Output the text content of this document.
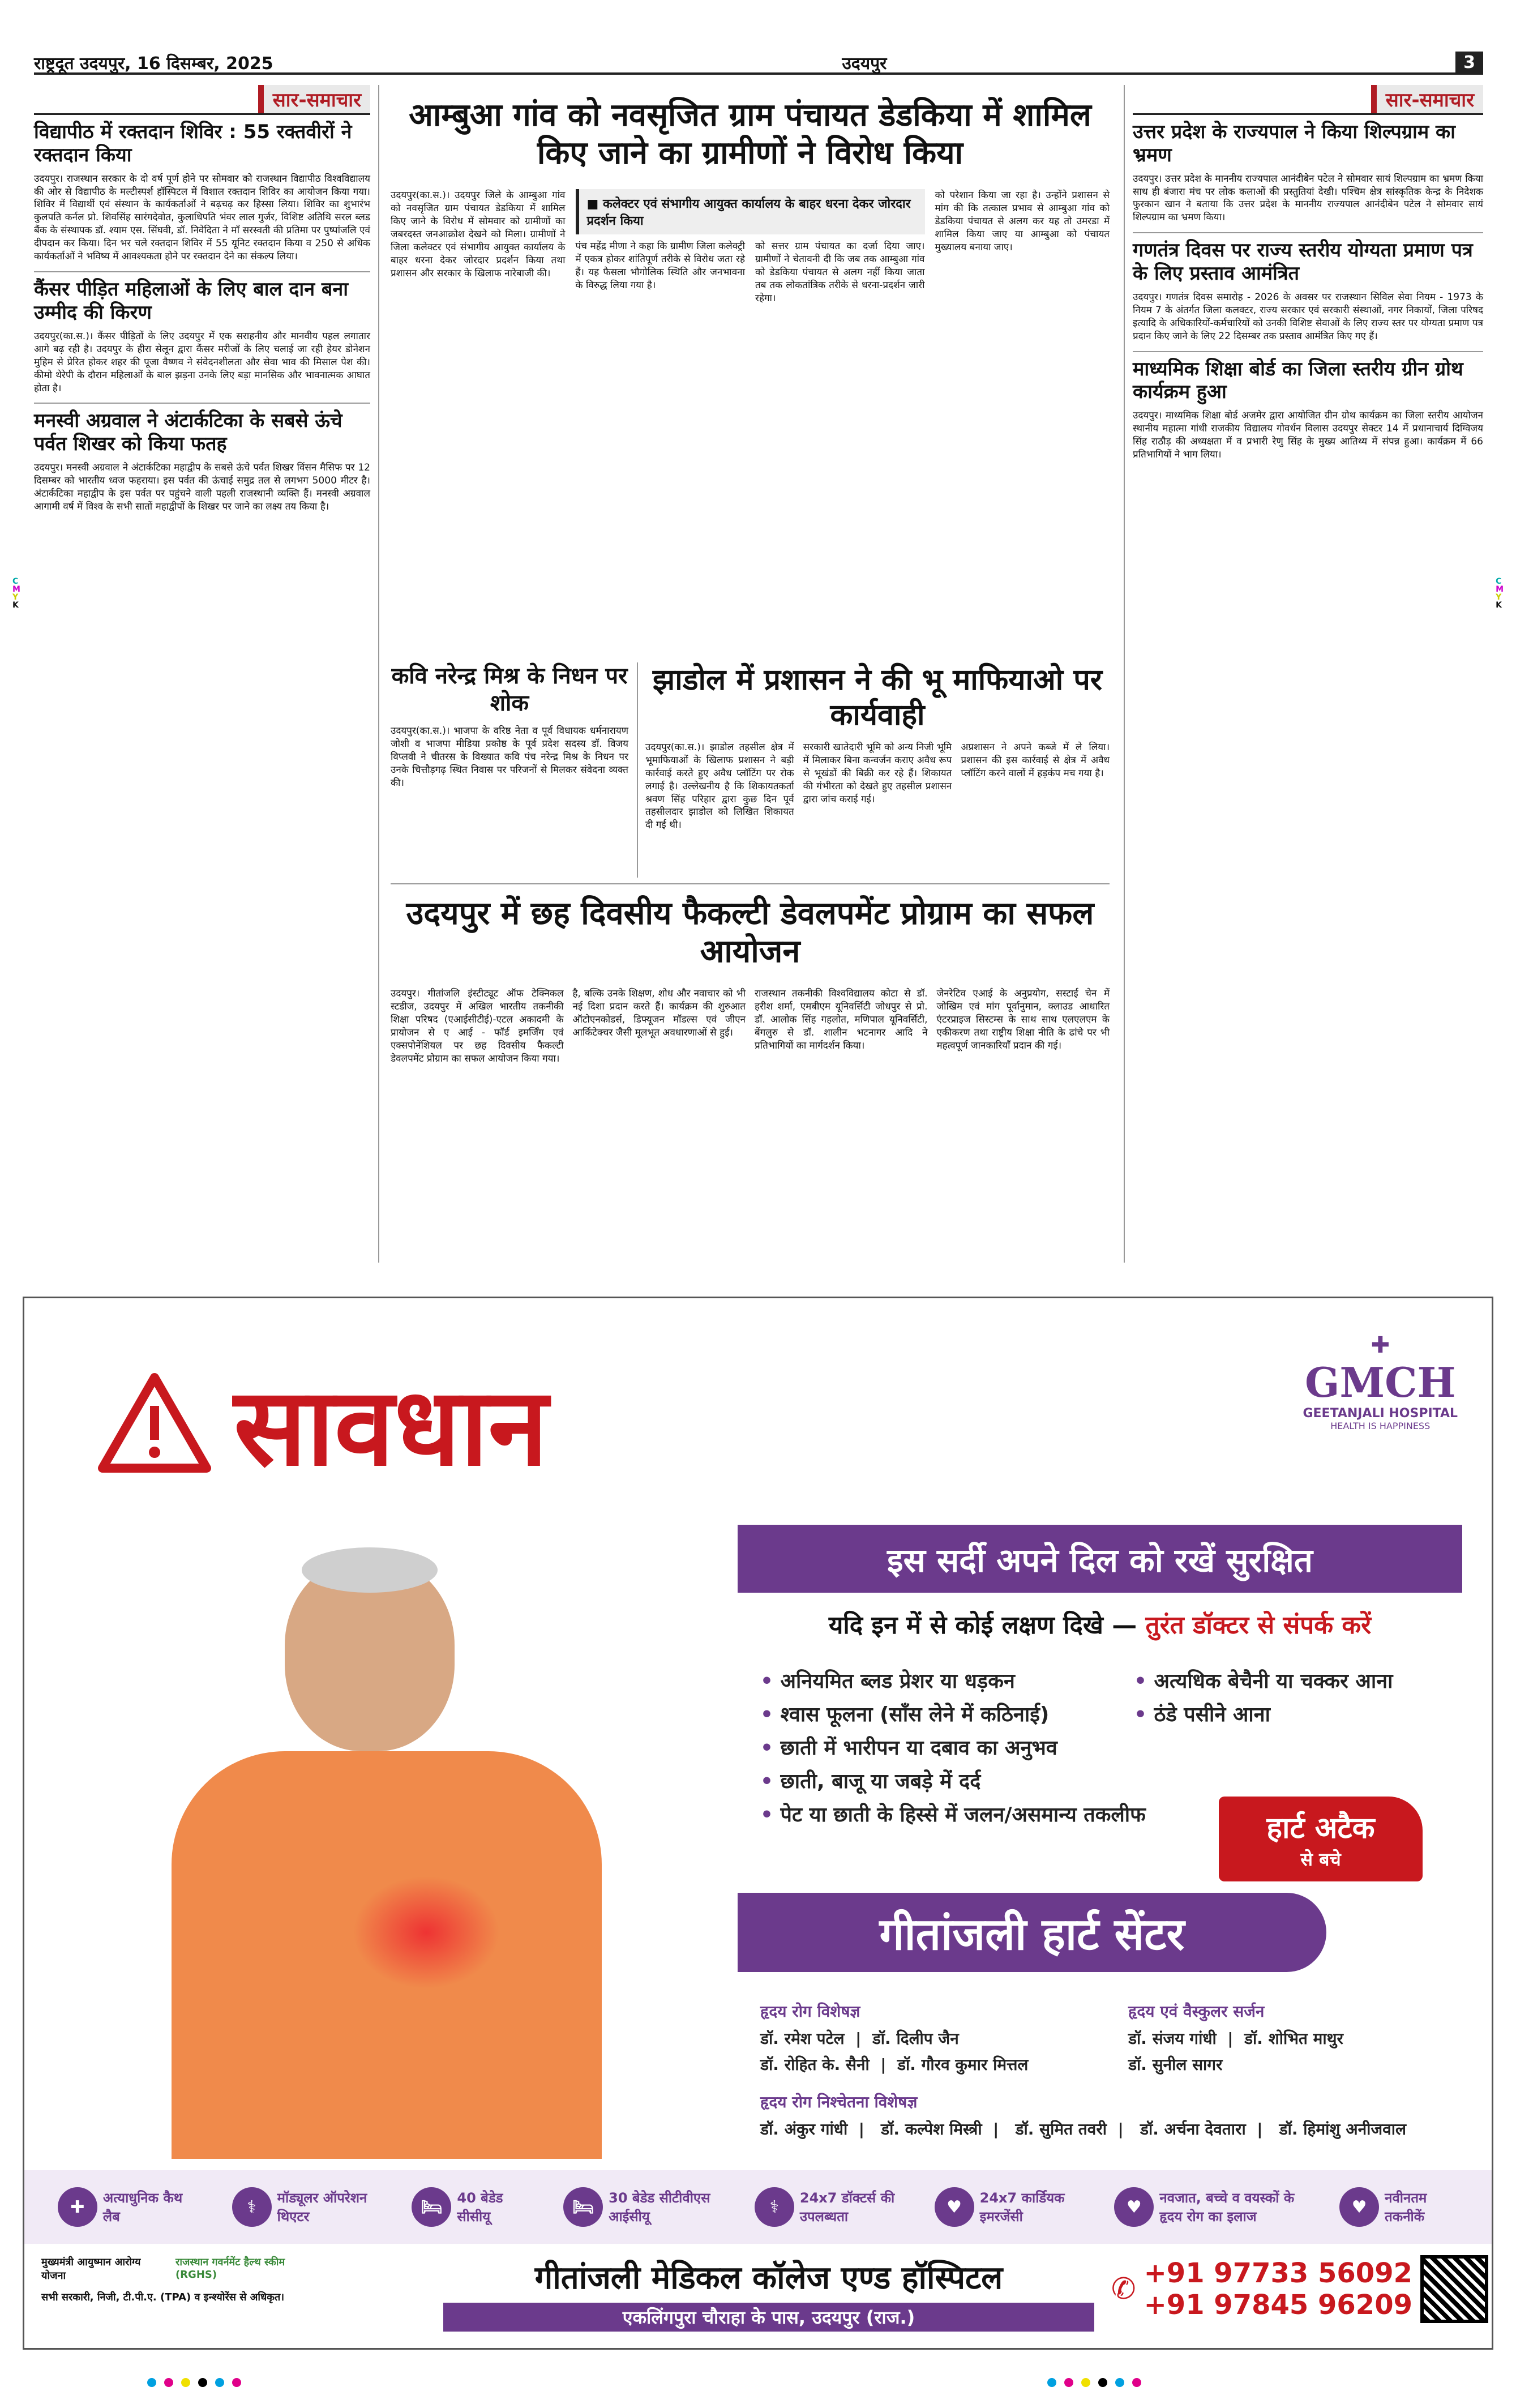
राष्ट्रदूत उदयपुर, 16 दिसम्बर, 2025	उदयपुर	3
C
M
Y
K
C
M
Y
K
सार-समाचार
विद्यापीठ में रक्तदान शिविर : 55 रक्तवीरों ने रक्तदान किया

उदयपुर। राजस्थान सरकार के दो वर्ष पूर्ण होने पर सोमवार को राजस्थान विद्यापीठ विश्वविद्यालय की ओर से विद्यापीठ के मल्टीस्पर्श हॉस्पिटल में विशाल रक्तदान शिविर का आयोजन किया गया। शिविर में विद्यार्थी एवं संस्थान के कार्यकर्ताओं ने बढ़चढ़ कर हिस्सा लिया। शिविर का शुभारंभ कुलपति कर्नल प्रो. शिवसिंह सारंगदेवोत, कुलाधिपति भंवर लाल गुर्जर, विशिष्ट अतिथि सरल ब्लड बैंक के संस्थापक डॉ. श्याम एस. सिंघवी, डॉ. निवेदिता ने माँ सरस्वती की प्रतिमा पर पुष्पांजलि एवं दीपदान कर किया। दिन भर चले रक्तदान शिविर में 55 यूनिट रक्तदान किया व 250 से अधिक कार्यकर्ताओं ने भविष्य में आवश्यकता होने पर रक्तदान देने का संकल्प लिया।

कैंसर पीड़ित महिलाओं के लिए बाल दान बना उम्मीद की किरण

उदयपुर(का.स.)। कैंसर पीड़ितों के लिए उदयपुर में एक सराहनीय और मानवीय पहल लगातार आगे बढ़ रही है। उदयपुर के हीरा सेलून द्वारा कैंसर मरीजों के लिए चलाई जा रही हेयर डोनेशन मुहिम से प्रेरित होकर शहर की पूजा वैष्णव ने संवेदनशीलता और सेवा भाव की मिसाल पेश की। कीमो थेरेपी के दौरान महिलाओं के बाल झड़ना उनके लिए बड़ा मानसिक और भावनात्मक आघात होता है।

मनस्वी अग्रवाल ने अंटार्कटिका के सबसे ऊंचे पर्वत शिखर को किया फतह

उदयपुर। मनस्वी अग्रवाल ने अंटार्कटिका महाद्वीप के सबसे ऊंचे पर्वत शिखर विंसन मैसिफ पर 12 दिसम्बर को भारतीय ध्वज फहराया। इस पर्वत की ऊंचाई समुद्र तल से लगभग 5000 मीटर है। अंटार्कटिका महाद्वीप के इस पर्वत पर पहुंचने वाली पहली राजस्थानी व्यक्ति हैं। मनस्वी अग्रवाल आगामी वर्ष में विश्व के सभी सातों महाद्वीपों के शिखर पर जाने का लक्ष्य तय किया है।

आम्बुआ गांव को नवसृजित ग्राम पंचायत डेडकिया में शामिल किए जाने का ग्रामीणों ने विरोध किया

उदयपुर(का.स.)। उदयपुर जिले के आम्बुआ गांव को नवसृजित ग्राम पंचायत डेडकिया में शामिल किए जाने के विरोध में सोमवार को ग्रामीणों का जबरदस्त जनआक्रोश देखने को मिला। ग्रामीणों ने जिला कलेक्टर एवं संभागीय आयुक्त कार्यालय के बाहर धरना देकर जोरदार प्रदर्शन किया तथा प्रशासन और सरकार के खिलाफ नारेबाजी की।

■ कलेक्टर एवं संभागीय आयुक्त कार्यालय के बाहर धरना देकर जोरदार प्रदर्शन किया

पंच महेंद्र मीणा ने कहा कि ग्रामीण जिला कलेक्ट्री में एकत्र होकर शांतिपूर्ण तरीके से विरोध जता रहे हैं। यह फैसला भौगोलिक स्थिति और जनभावना के विरुद्ध लिया गया है।

को सत्तर ग्राम पंचायत का दर्जा दिया जाए। ग्रामीणों ने चेतावनी दी कि जब तक आम्बुआ गांव को डेडकिया पंचायत से अलग नहीं किया जाता तब तक लोकतांत्रिक तरीके से धरना-प्रदर्शन जारी रहेगा।

को परेशान किया जा रहा है। उन्होंने प्रशासन से मांग की कि तत्काल प्रभाव से आम्बुआ गांव को डेडकिया पंचायत से अलग कर यह तो उमरडा में शामिल किया जाए या आम्बुआ को पंचायत मुख्यालय बनाया जाए।

कवि नरेन्द्र मिश्र के निधन पर शोक

उदयपुर(का.स.)। भाजपा के वरिष्ठ नेता व पूर्व विधायक धर्मनारायण जोशी व भाजपा मीडिया प्रकोष्ठ के पूर्व प्रदेश सदस्य डॉ. विजय विप्लवी ने चीतरस के विख्यात कवि पंच नरेन्द्र मिश्र के निधन पर उनके चित्तौड़गढ़ स्थित निवास पर परिजनों से मिलकर संवेदना व्यक्त की।

झाडोल में प्रशासन ने की भू माफियाओ पर कार्यवाही

उदयपुर(का.स.)। झाडोल तहसील क्षेत्र में भूमाफियाओं के खिलाफ प्रशासन ने बड़ी कार्रवाई करते हुए अवैध प्लॉटिंग पर रोक लगाई है। उल्लेखनीय है कि शिकायतकर्ता श्रवण सिंह परिहार द्वारा कुछ दिन पूर्व तहसीलदार झाडोल को लिखित शिकायत दी गई थी।

सरकारी खातेदारी भूमि को अन्य निजी भूमि में मिलाकर बिना कन्वर्जन कराए अवैध रूप से भूखंडों की बिक्री कर रहे हैं। शिकायत की गंभीरता को देखते हुए तहसील प्रशासन द्वारा जांच कराई गई।

अप्रशासन ने अपने कब्जे में ले लिया। प्रशासन की इस कार्रवाई से क्षेत्र में अवैध प्लॉटिंग करने वालों में हड़कंप मच गया है।

उदयपुर में छह दिवसीय फैकल्टी डेवलपमेंट प्रोग्राम का सफल आयोजन

उदयपुर। गीतांजलि इंस्टीट्यूट ऑफ टेक्निकल स्टडीज, उदयपुर में अखिल भारतीय तकनीकी शिक्षा परिषद (एआईसीटीई)-एटल अकादमी के प्रायोजन से ए आई - फॉर्ड इमर्जिंग एवं एक्सपोनेंशियल पर छह दिवसीय फैकल्टी डेवलपमेंट प्रोग्राम का सफल आयोजन किया गया।

है, बल्कि उनके शिक्षण, शोध और नवाचार को भी नई दिशा प्रदान करते हैं। कार्यक्रम की शुरुआत ऑटोएनकोडर्स, डिफ्यूजन मॉडल्स एवं जीएन आर्किटेक्चर जैसी मूलभूत अवधारणाओं से हुई।

राजस्थान तकनीकी विश्वविद्यालय कोटा से डॉ. हरीश शर्मा, एमबीएम यूनिवर्सिटी जोधपुर से प्रो. डॉ. आलोक सिंह गहलोत, मणिपाल यूनिवर्सिटी, बेंगलुरु से डॉ. शालीन भटनागर आदि ने प्रतिभागियों का मार्गदर्शन किया।

जेनरेटिव एआई के अनुप्रयोग, सस्टाई चेन में जोखिम एवं मांग पूर्वानुमान, क्लाउड आधारित एंटरप्राइज सिस्टम्स के साथ साथ एलएलएम के एकीकरण तथा राष्ट्रीय शिक्षा नीति के ढांचे पर भी महत्वपूर्ण जानकारियाँ प्रदान की गई।

सार-समाचार
उत्तर प्रदेश के राज्यपाल ने किया शिल्पग्राम का भ्रमण

उदयपुर। उत्तर प्रदेश के माननीय राज्यपाल आनंदीबेन पटेल ने सोमवार सायं शिल्पग्राम का भ्रमण किया साथ ही बंजारा मंच पर लोक कलाओं की प्रस्तुतियां देखी। पश्चिम क्षेत्र सांस्कृतिक केन्द्र के निदेशक फुरकान खान ने बताया कि उत्तर प्रदेश के माननीय राज्यपाल आनंदीबेन पटेल ने सोमवार सायं शिल्पग्राम का भ्रमण किया।

गणतंत्र दिवस पर राज्य स्तरीय योग्यता प्रमाण पत्र के लिए प्रस्ताव आमंत्रित

उदयपुर। गणतंत्र दिवस समारोह - 2026 के अवसर पर राजस्थान सिविल सेवा नियम - 1973 के नियम 7 के अंतर्गत जिला कलक्टर, राज्य सरकार एवं सरकारी संस्थाओं, नगर निकायों, जिला परिषद इत्यादि के अधिकारियों-कर्मचारियों को उनकी विशिष्ट सेवाओं के लिए राज्य स्तर पर योग्यता प्रमाण पत्र प्रदान किए जाने के लिए 22 दिसम्बर तक प्रस्ताव आमंत्रित किए गए हैं।

माध्यमिक शिक्षा बोर्ड का जिला स्तरीय ग्रीन ग्रोथ कार्यक्रम हुआ

उदयपुर। माध्यमिक शिक्षा बोर्ड अजमेर द्वारा आयोजित ग्रीन ग्रोथ कार्यक्रम का जिला स्तरीय आयोजन स्थानीय महात्मा गांधी राजकीय विद्यालय गोवर्धन विलास उदयपुर सेक्टर 14 में प्रधानाचार्य दिग्विजय सिंह राठौड़ की अध्यक्षता में व प्रभारी रेणु सिंह के मुख्य आतिथ्य में संपन्न हुआ। कार्यक्रम में 66 प्रतिभागियों ने भाग लिया।

सावधान
✚
GMCH
GEETANJALI HOSPITAL
HEALTH IS HAPPINESS
इस सर्दी अपने दिल को रखें सुरक्षित
यदि इन में से कोई लक्षण दिखे — तुरंत डॉक्टर से संपर्क करें
• अनियमित ब्लड प्रेशर या धड़कन
• श्वास फूलना (साँस लेने में कठिनाई)
• छाती में भारीपन या दबाव का अनुभव
• छाती, बाजू या जबड़े में दर्द
• पेट या छाती के हिस्से में जलन/असमान्य तकलीफ
• अत्यधिक बेचैनी या चक्कर आना
• ठंडे पसीने आना
हार्ट अटैक
से बचे
गीतांजली हार्ट सेंटर
हृदय रोग विशेषज्ञ
डॉ. रमेश पटेल  |  डॉ. दिलीप जैन
डॉ. रोहित के. सैनी  |  डॉ. गौरव कुमार मित्तल
हृदय एवं वैस्कुलर सर्जन
डॉ. संजय गांधी  |  डॉ. शोभित माथुर
डॉ. सुनील सागर
हृदय रोग निश्चेतना विशेषज्ञ
डॉ. अंकुर गांधी  |   डॉ. कल्पेश मिस्त्री  |   डॉ. सुमित तवरी  |   डॉ. अर्चना देवतारा  |   डॉ. हिमांशु अनीजवाल
✚	अत्याधुनिक कैथ लैब	⚕	मॉड्यूलर ऑपरेशन थिएटर	🛏	40 बेडेड सीसीयू	🛏	30 बेडेड सीटीवीएस आईसीयू	⚕	24x7 डॉक्टर्स की उपलब्धता	♥	24x7 कार्डियक इमरजेंसी	♥	नवजात, बच्चे व वयस्कों के हृदय रोग का इलाज	♥	नवीनतम तकनीकें
मुख्यमंत्री आयुष्मान आरोग्य योजना
राजस्थान गवर्नमेंट हैल्थ स्कीम (RGHS)
सभी सरकारी, निजी, टी.पी.ए. (TPA) व इन्श्योरेंस से अधिकृत।
गीतांजली मेडिकल कॉलेज एण्ड हॉस्पिटल
एकलिंगपुरा चौराहा के पास, उदयपुर (राज.)
✆ +91 97733 56092
+91 97845 96209
